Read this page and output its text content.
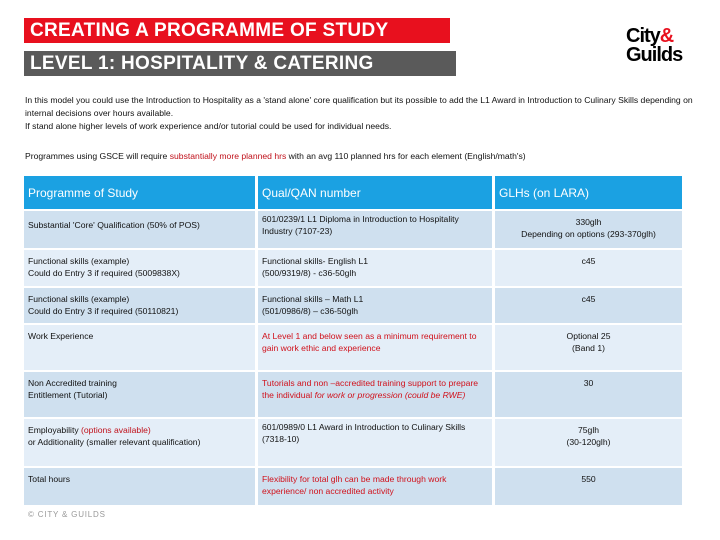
CREATING A PROGRAMME OF STUDY
LEVEL 1: HOSPITALITY & CATERING
City&
Guilds

In this model you could use the Introduction to Hospitality as a 'stand alone' core qualification but its possible to add the L1 Award in Introduction to Culinary Skills depending on internal decisions over hours available.

If stand alone higher levels of work experience and/or tutorial could be used for individual needs.

Programmes using GSCE will require substantially more planned hrs with an avg 110 planned hrs for each element (English/math's)
Programme of Study	Qual/QAN number	GLHs (on LARA)
Substantial 'Core' Qualification (50% of POS)	601/0239/1 L1 Diploma in Introduction to Hospitality Industry (7107-23)	330glh
Depending on options (293-370glh)
Functional skills (example)
Could do Entry 3 if required (5009838X)	Functional skills- English L1
(500/9319/8) - c36-50glh	c45
Functional skills (example)
Could do Entry 3 if required (50110821)	Functional skills – Math L1
(501/0986/8) – c36-50glh	c45
Work Experience	At Level 1 and below seen as a minimum requirement to gain work ethic and experience	Optional 25
(Band 1)
Non Accredited training
Entitlement (Tutorial)	Tutorials and non –accredited training support to prepare the individual for work or progression (could be RWE)	30
Employability (options available)
or Additionality (smaller relevant qualification)	601/0989/0 L1 Award in Introduction to Culinary Skills (7318-10)	75glh
(30-120glh)
Total hours	Flexibility for total glh can be made through work experience/ non accredited activity	550
© CITY & GUILDS
